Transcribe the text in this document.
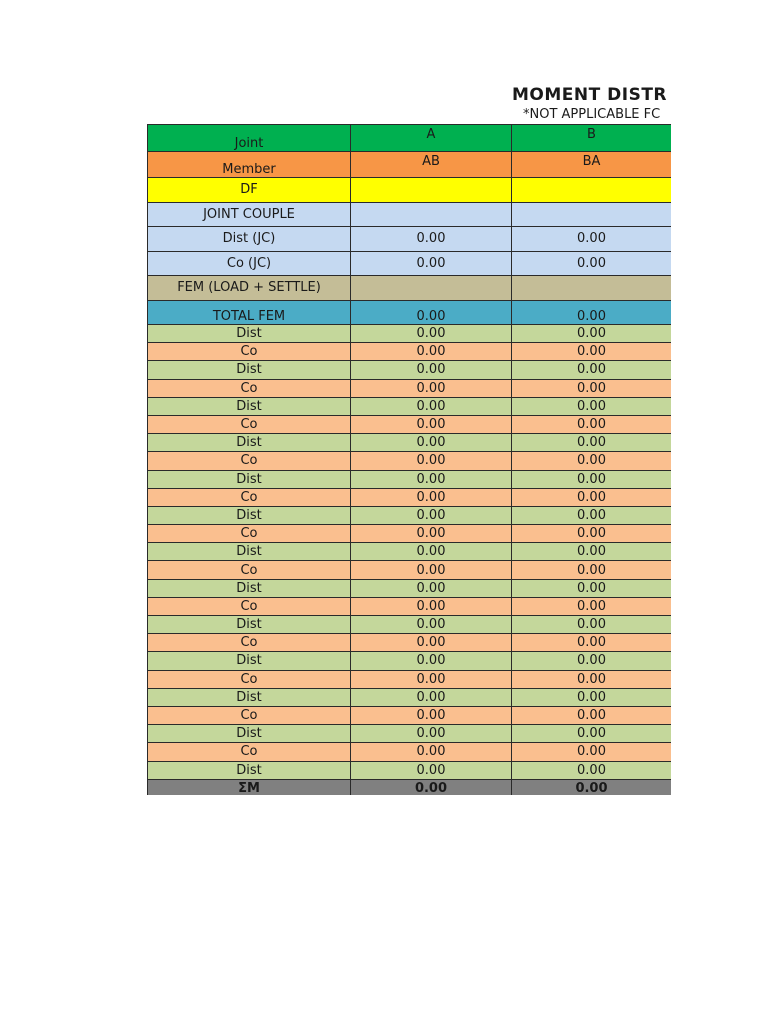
MOMENT DISTR
*NOT APPLICABLE FC
Joint	A	B	
Member	AB	BA	
DF			
JOINT COUPLE			
Dist (JC)	0.00	0.00	
Co (JC)	0.00	0.00	
FEM (LOAD + SETTLE)			
TOTAL FEM	0.00	0.00	
Dist	0.00	0.00	
Co	0.00	0.00	
Dist	0.00	0.00	
Co	0.00	0.00	
Dist	0.00	0.00	
Co	0.00	0.00	
Dist	0.00	0.00	
Co	0.00	0.00	
Dist	0.00	0.00	
Co	0.00	0.00	
Dist	0.00	0.00	
Co	0.00	0.00	
Dist	0.00	0.00	
Co	0.00	0.00	
Dist	0.00	0.00	
Co	0.00	0.00	
Dist	0.00	0.00	
Co	0.00	0.00	
Dist	0.00	0.00	
Co	0.00	0.00	
Dist	0.00	0.00	
Co	0.00	0.00	
Dist	0.00	0.00	
Co	0.00	0.00	
Dist	0.00	0.00	
ΣM	0.00	0.00	
